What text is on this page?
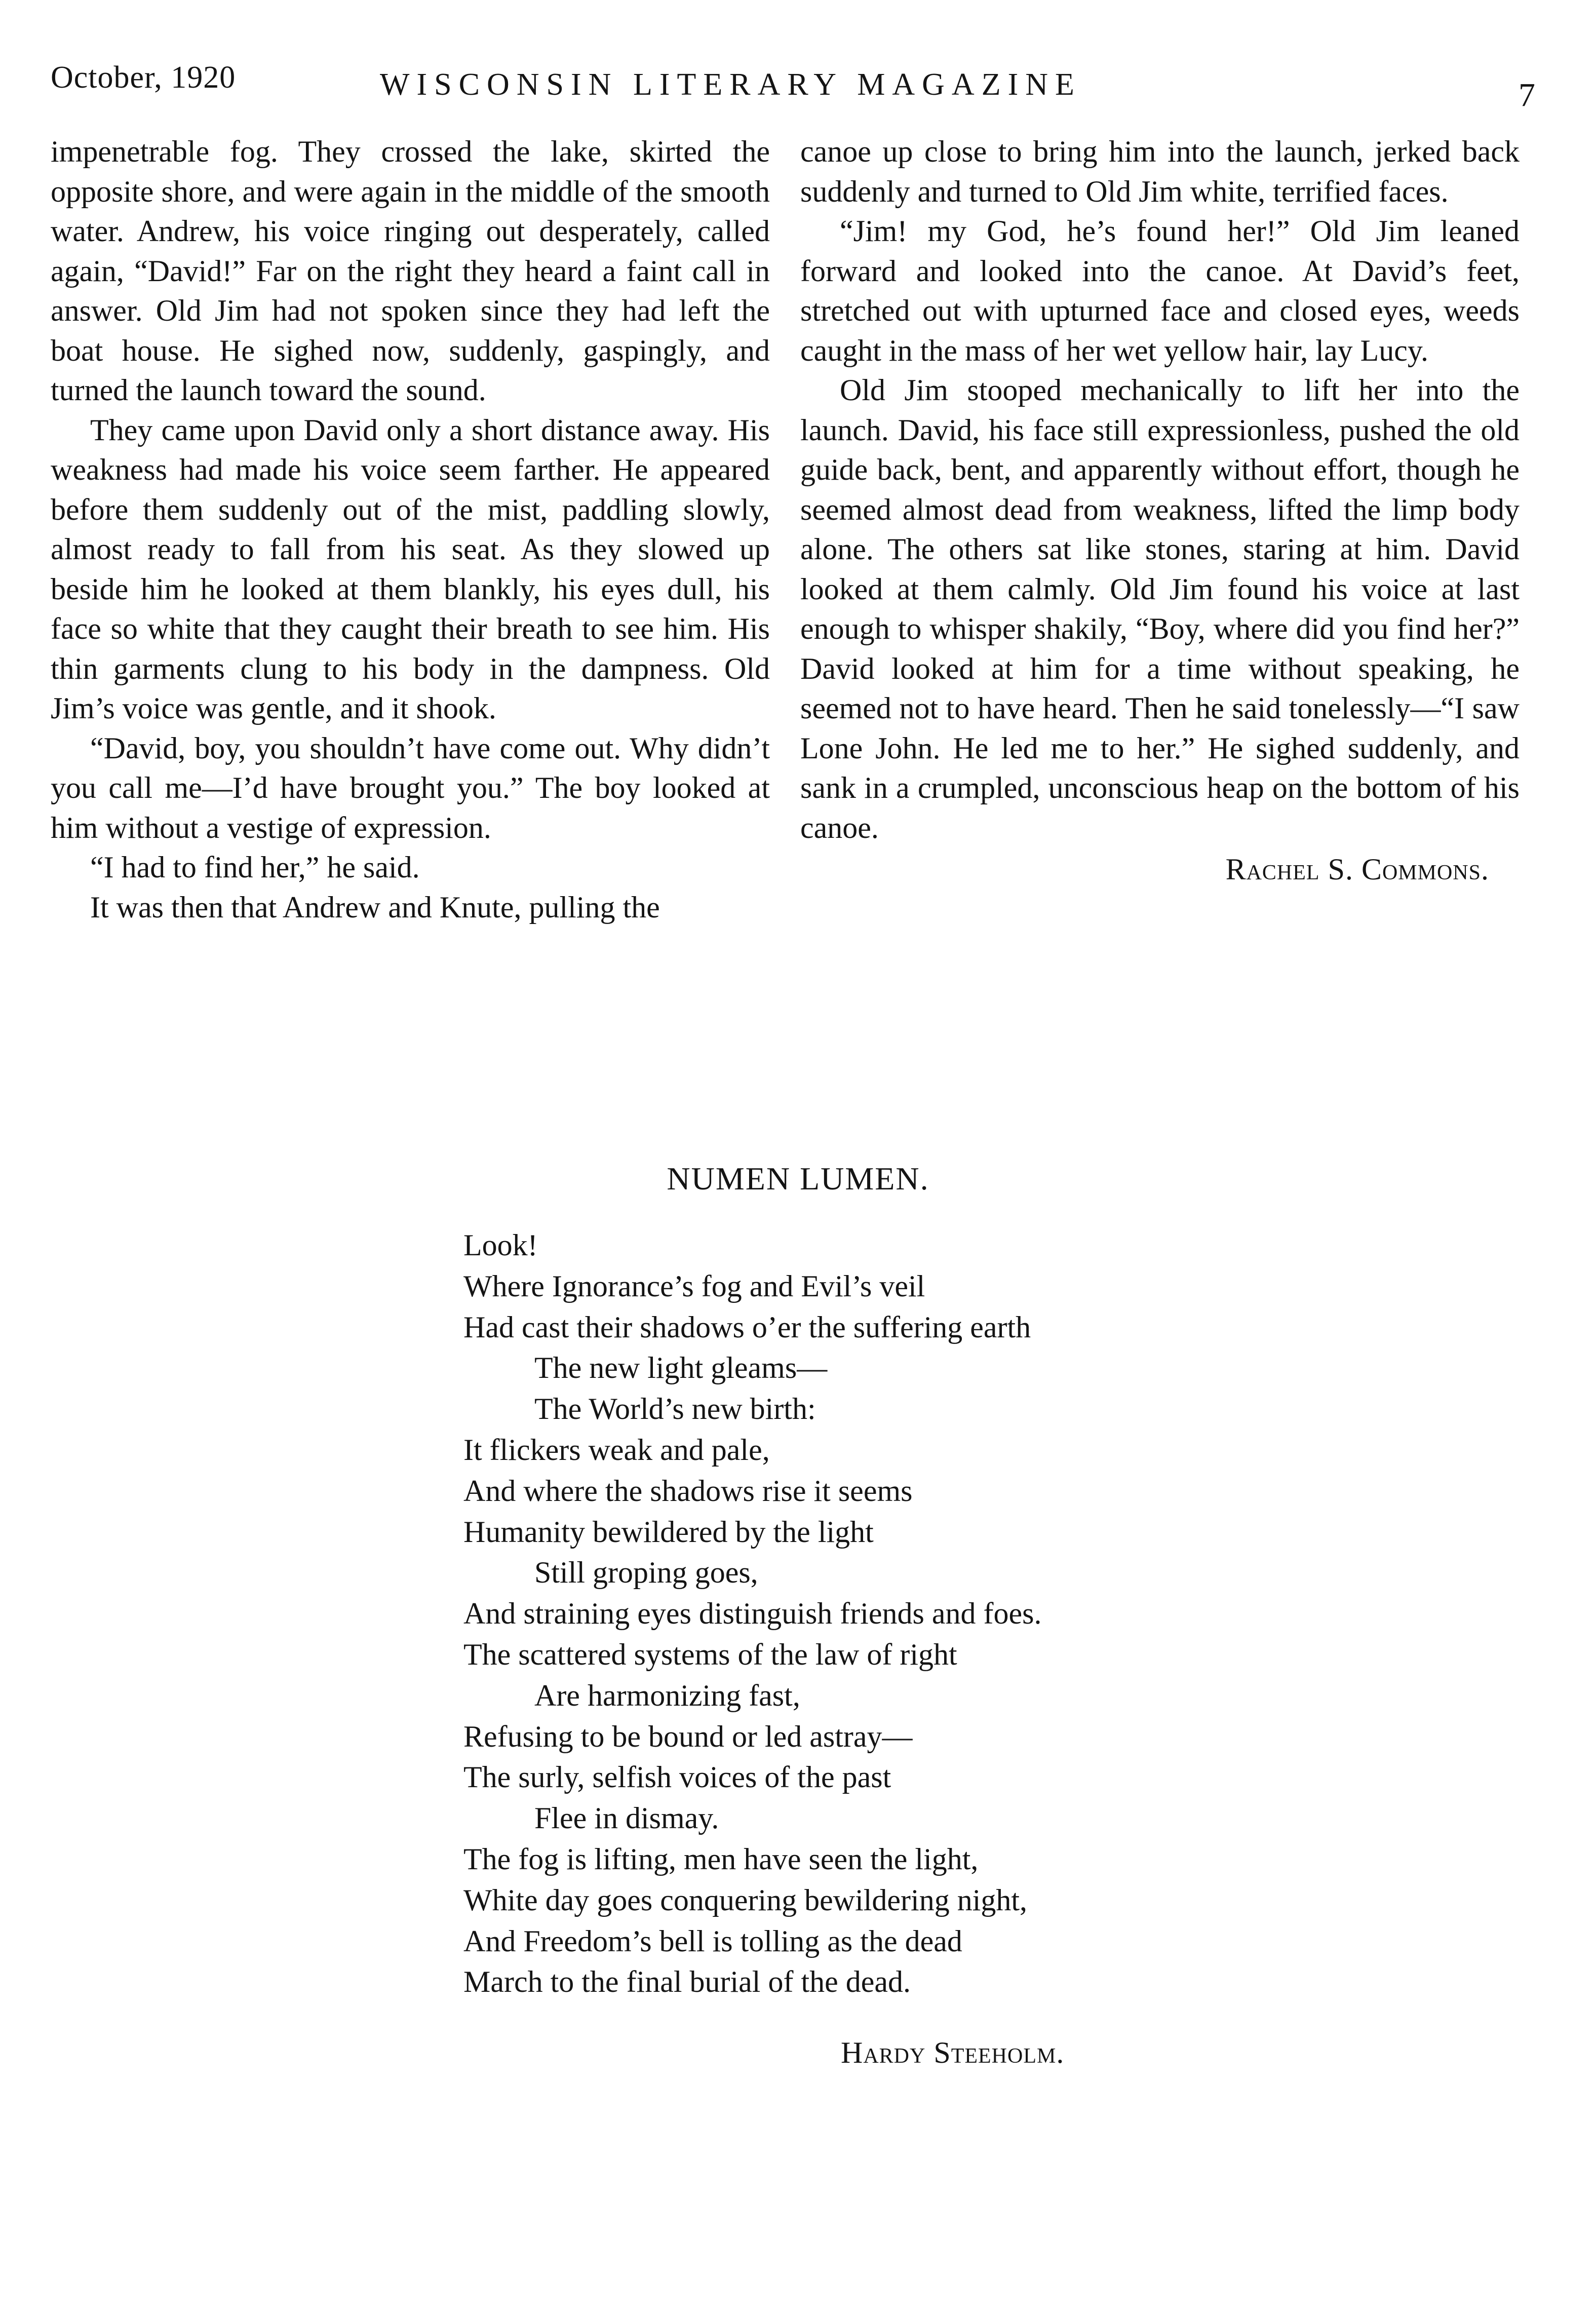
October, 1920	WISCONSIN LITERARY MAGAZINE	7

impenetrable fog. They crossed the lake, skirted the opposite shore, and were again in the middle of the smooth water. Andrew, his voice ringing out desperately, called again, “David!” Far on the right they heard a faint call in answer. Old Jim had not spoken since they had left the boat house. He sighed now, suddenly, gaspingly, and turned the launch toward the sound.

They came upon David only a short distance away. His weakness had made his voice seem farther. He appeared before them suddenly out of the mist, paddling slowly, almost ready to fall from his seat. As they slowed up beside him he looked at them blankly, his eyes dull, his face so white that they caught their breath to see him. His thin garments clung to his body in the dampness. Old Jim’s voice was gentle, and it shook.

“David, boy, you shouldn’t have come out. Why didn’t you call me—I’d have brought you.” The boy looked at him without a vestige of expression.

“I had to find her,” he said.

It was then that Andrew and Knute, pulling the

canoe up close to bring him into the launch, jerked back suddenly and turned to Old Jim white, terrified faces.

“Jim! my God, he’s found her!” Old Jim leaned forward and looked into the canoe. At David’s feet, stretched out with upturned face and closed eyes, weeds caught in the mass of her wet yellow hair, lay Lucy.

Old Jim stooped mechanically to lift her into the launch. David, his face still expressionless, pushed the old guide back, bent, and apparently without effort, though he seemed almost dead from weakness, lifted the limp body alone. The others sat like stones, staring at him. David looked at them calmly. Old Jim found his voice at last enough to whisper shakily, “Boy, where did you find her?” David looked at him for a time without speaking, he seemed not to have heard. Then he said tonelessly—“I saw Lone John. He led me to her.” He sighed suddenly, and sank in a crumpled, unconscious heap on the bottom of his canoe.

Rachel S. Commons.

NUMEN LUMEN.
Look!
Where Ignorance’s fog and Evil’s veil
Had cast their shadows o’er the suffering earth
The new light gleams—
The World’s new birth:
It flickers weak and pale,
And where the shadows rise it seems
Humanity bewildered by the light
Still groping goes,
And straining eyes distinguish friends and foes.
The scattered systems of the law of right
Are harmonizing fast,
Refusing to be bound or led astray—
The surly, selfish voices of the past
Flee in dismay.
The fog is lifting, men have seen the light,
White day goes conquering bewildering night,
And Freedom’s bell is tolling as the dead
March to the final burial of the dead.
Hardy Steeholm.
